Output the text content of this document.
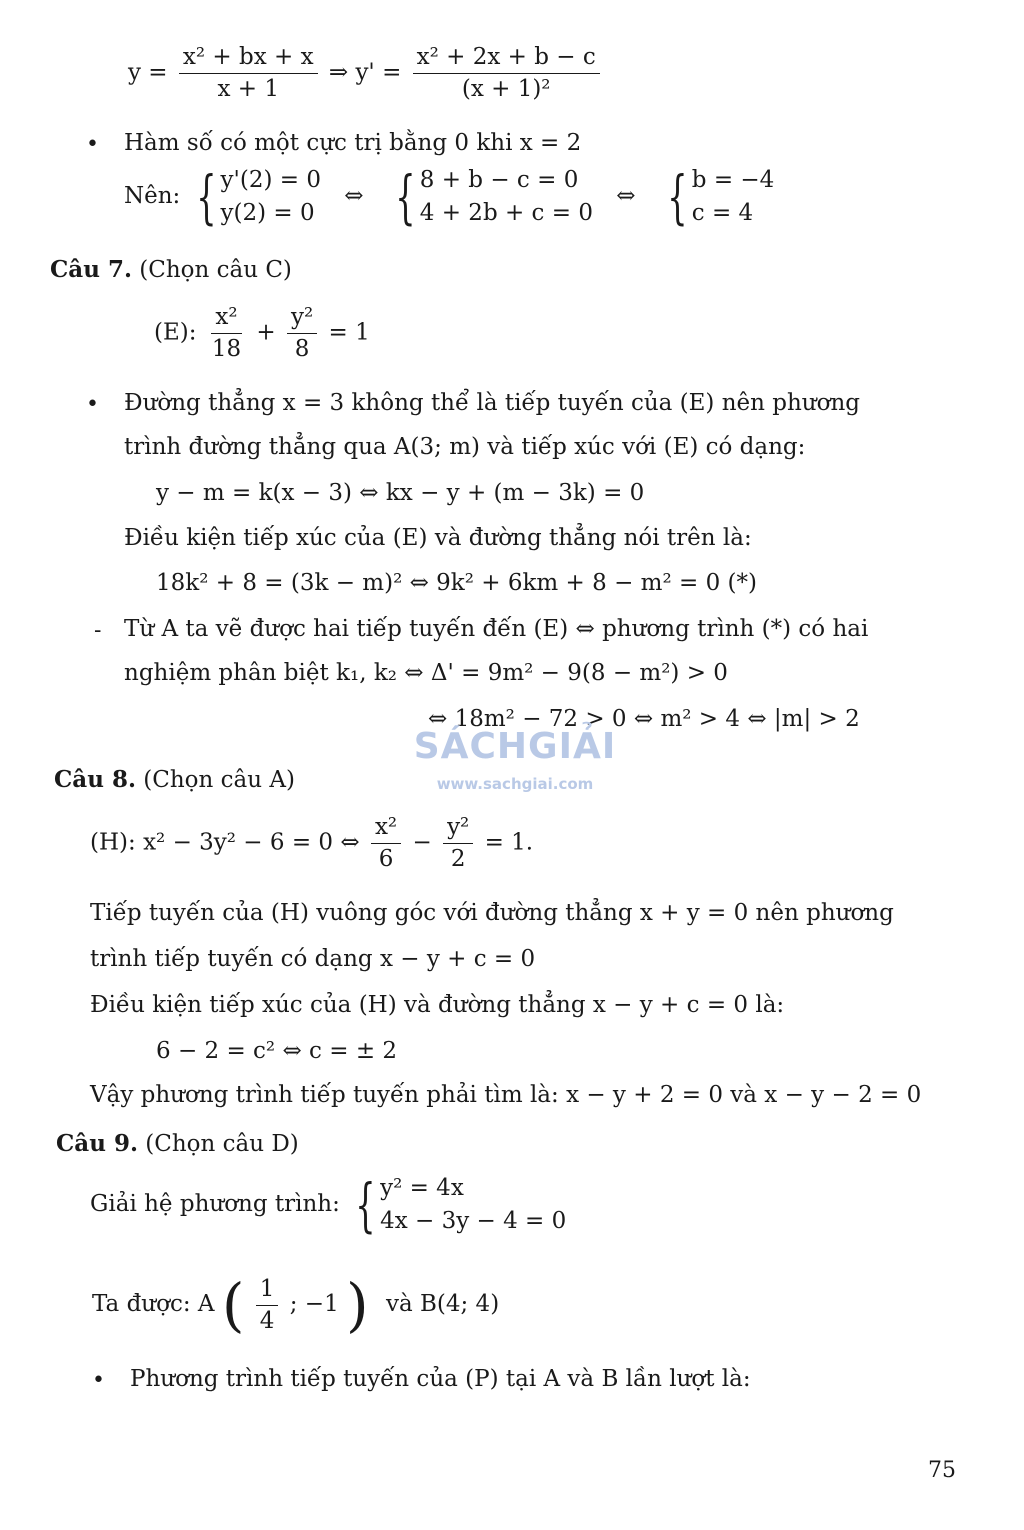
$y = \frac{\text{x² + bx + x}}{x + 1}$ ⇒ $y' = \frac{\text{x² + 2x + b − c}}{\text{(x + 1)²}}$
• Hàm số có một cực trị bằng 0 khi x = 2
Nên: { y'(2) = 0
y(2) = 0
⇔ { 8 + b − c = 0
4 + 2b + c = 0
⇔ { b = −4
c = 4
Câu 7. (Chọn câu C)
(E): $\frac{\text{x²}}{18} + \frac{\text{y²}}{8} = 1$
• Đường thẳng x = 3 không thể là tiếp tuyến của (E) nên phương
trình đường thẳng qua A(3; m) và tiếp xúc với (E) có dạng:
y − m = k(x − 3) ⇔ kx − y + (m − 3k) = 0
Điều kiện tiếp xúc của (E) và đường thẳng nói trên là:
18k² + 8 = (3k − m)² ⇔ 9k² + 6km + 8 − m² = 0 (*)
- Từ A ta vẽ được hai tiếp tuyến đến (E) ⇔ phương trình (*) có hai
nghiệm phân biệt k₁, k₂ ⇔ Δ' = 9m² − 9(8 − m²) > 0
⇔ 18m² − 72 > 0 ⇔ m² > 4 ⇔ |m| > 2
SÁCHGIẢI
www.sachgiai.com
Câu 8. (Chọn câu A)
(H): x² − 3y² − 6 = 0 ⇔ $\frac{\text{x²}}{6} - \frac{\text{y²}}{2} = 1$.
Tiếp tuyến của (H) vuông góc với đường thẳng x + y = 0 nên phương
trình tiếp tuyến có dạng x − y + c = 0
Điều kiện tiếp xúc của (H) và đường thẳng x − y + c = 0 là:
6 − 2 = c² ⇔ c = ± 2
Vậy phương trình tiếp tuyến phải tìm là: x − y + 2 = 0 và x − y − 2 = 0
Câu 9. (Chọn câu D)
Giải hệ phương trình: { y² = 4x
4x − 3y − 4 = 0
Ta được: A ( $\frac{1}{4}$ ; −1 ) và B(4; 4)
• Phương trình tiếp tuyến của (P) tại A và B lần lượt là:
75
